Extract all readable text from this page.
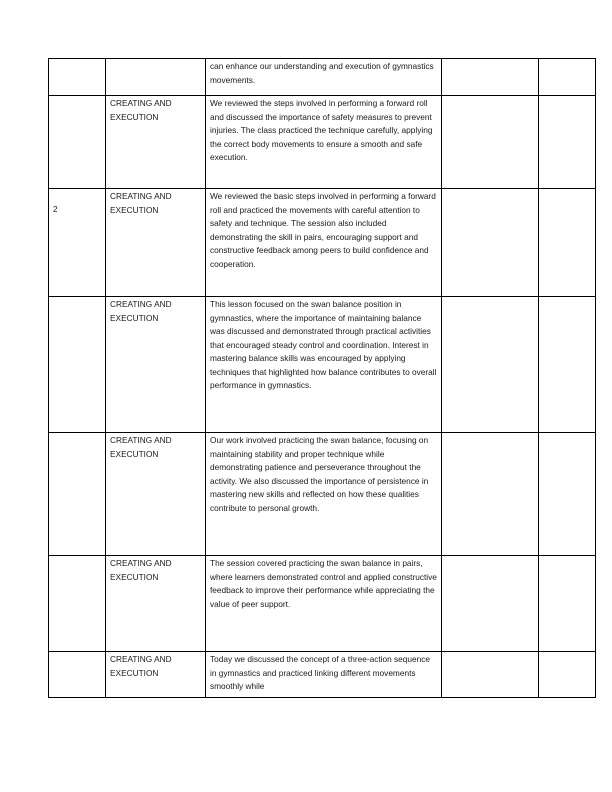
		can enhance our understanding and execution of gymnastics movements.		

	CREATING AND EXECUTION	We reviewed the steps involved in performing a forward roll and discussed the importance of safety measures to prevent injuries. The class practiced the technique carefully, applying the correct body movements to ensure a smooth and safe execution.		

2	CREATING AND EXECUTION	We reviewed the basic steps involved in performing a forward roll and practiced the movements with careful attention to safety and technique. The session also included demonstrating the skill in pairs, encouraging support and constructive feedback among peers to build confidence and cooperation.		

	CREATING AND EXECUTION	This lesson focused on the swan balance position in gymnastics, where the importance of maintaining balance was discussed and demonstrated through practical activities that encouraged steady control and coordination. Interest in mastering balance skills was encouraged by applying techniques that highlighted how balance contributes to overall performance in gymnastics.		

	CREATING AND EXECUTION	Our work involved practicing the swan balance, focusing on maintaining stability and proper technique while demonstrating patience and perseverance throughout the activity. We also discussed the importance of persistence in mastering new skills and reflected on how these qualities contribute to personal growth.		

	CREATING AND EXECUTION	The session covered practicing the swan balance in pairs, where learners demonstrated control and applied constructive feedback to improve their performance while appreciating the value of peer support.		

	CREATING AND EXECUTION	Today we discussed the concept of a three-action sequence in gymnastics and practiced linking different movements smoothly while		
